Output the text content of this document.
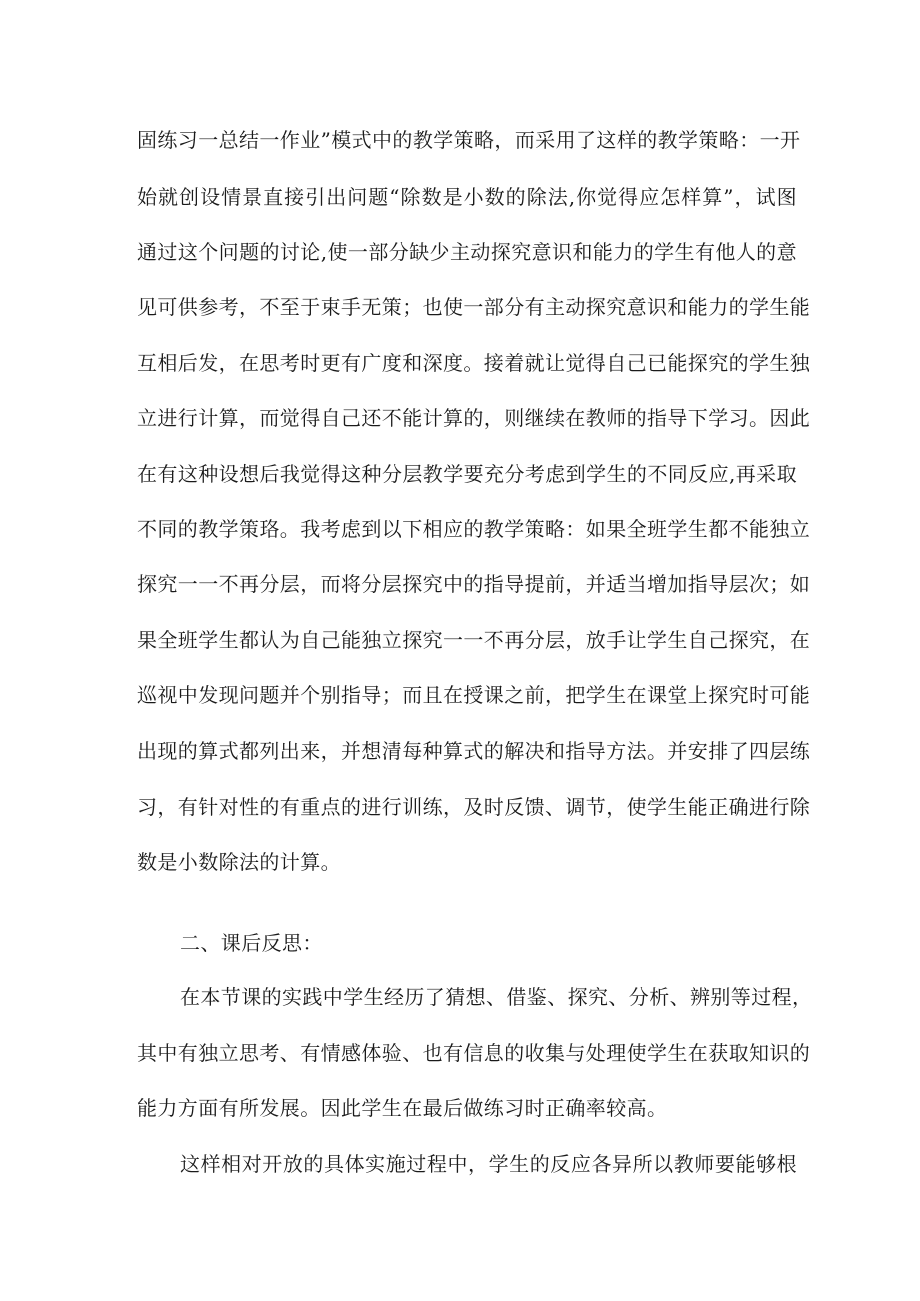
固练习一总结一作业”模式中的教学策略，而采用了这样的教学策略：一开
始就创设情景直接引出问题“除数是小数的除法,你觉得应怎样算”，试图
通过这个问题的讨论,使一部分缺少主动探究意识和能力的学生有他人的意
见可供参考，不至于束手无策；也使一部分有主动探究意识和能力的学生能
互相后发，在思考时更有广度和深度。接着就让觉得自己已能探究的学生独
立进行计算，而觉得自己还不能计算的，则继续在教师的指导下学习。因此
在有这种设想后我觉得这种分层教学要充分考虑到学生的不同反应,再采取
不同的教学策珞。我考虑到以下相应的教学策略：如果全班学生都不能独立
探究一一不再分层，而将分层探究中的指导提前，并适当增加指导层次；如
果全班学生都认为自己能独立探究一一不再分层，放手让学生自己探究，在
巡视中发现问题并个别指导；而且在授课之前，把学生在课堂上探究时可能
出现的算式都列出来，并想清每种算式的解决和指导方法。并安排了四层练
习，有针对性的有重点的进行训练，及时反馈、调节，使学生能正确进行除
数是小数除法的计算。
二、课后反思：
在本节课的实践中学生经历了猜想、借鉴、探究、分析、辨别等过程，
其中有独立思考、有情感体验、也有信息的收集与处理使学生在获取知识的
能力方面有所发展。因此学生在最后做练习时正确率较高。
这样相对开放的具体实施过程中，学生的反应各异所以教师要能够根
